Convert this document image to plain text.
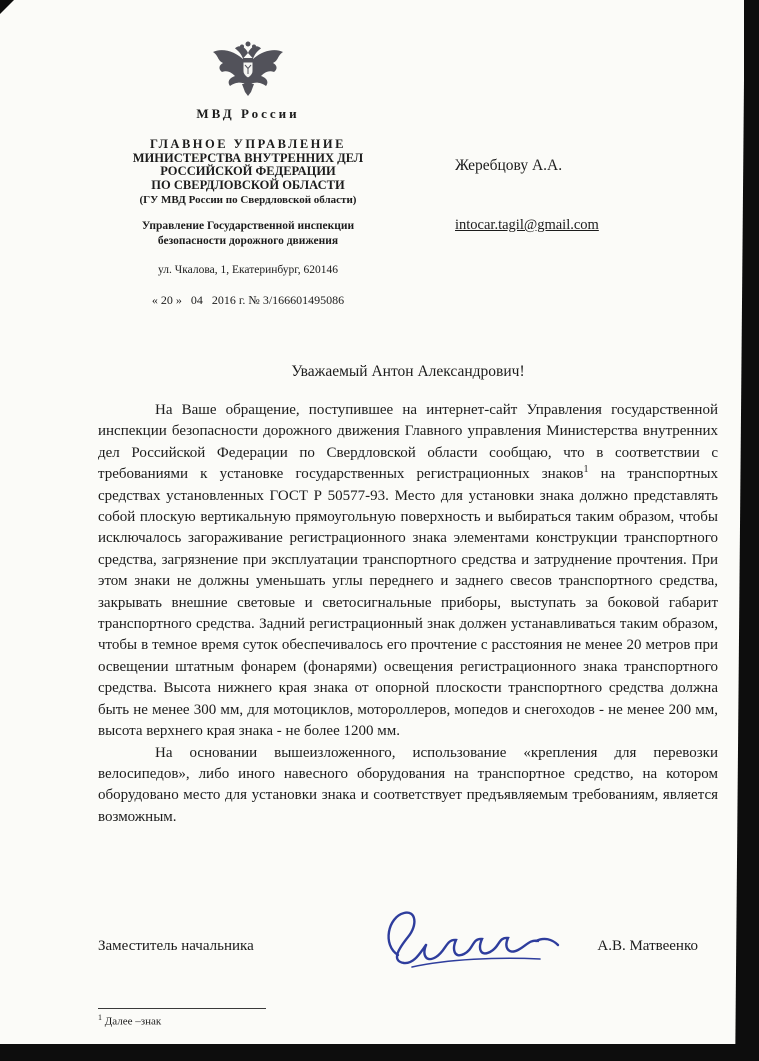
МВД России
ГЛАВНОЕ УПРАВЛЕНИЕ
МИНИСТЕРСТВА ВНУТРЕННИХ ДЕЛ
РОССИЙСКОЙ ФЕДЕРАЦИИ
ПО СВЕРДЛОВСКОЙ ОБЛАСТИ
(ГУ МВД России по Свердловской области)
Управление Государственной инспекции
безопасности дорожного движения
ул. Чкалова, 1, Екатеринбург, 620146
« 20 »   04   2016 г. № 3/166601495086
Жеребцову А.А.
intocar.tagil@gmail.com
Уважаемый Антон Александрович!

На Ваше обращение, поступившее на интернет-сайт Управления государственной инспекции безопасности дорожного движения Главного управления Министерства внутренних дел Российской Федерации по Свердловской области сообщаю, что в соответствии с требованиями к установке государственных регистрационных знаков$^1$ на транспортных средствах установленных ГОСТ Р 50577-93. Место для установки знака должно представлять собой плоскую вертикальную прямоугольную поверхность и выбираться таким образом, чтобы исключалось загораживание регистрационного знака элементами конструкции транспортного средства, загрязнение при эксплуатации транспортного средства и затруднение прочтения. При этом знаки не должны уменьшать углы переднего и заднего свесов транспортного средства, закрывать внешние световые и светосигнальные приборы, выступать за боковой габарит транспортного средства. Задний регистрационный знак должен устанавливаться таким образом, чтобы в темное время суток обеспечивалось его прочтение с расстояния не менее 20 метров при освещении штатным фонарем (фонарями) освещения регистрационного знака транспортного средства. Высота нижнего края знака от опорной плоскости транспортного средства должна быть не менее 300 мм, для мотоциклов, мотороллеров, мопедов и снегоходов - не менее 200 мм, высота верхнего края знака - не более 1200 мм.

На основании вышеизложенного, использование «крепления для перевозки велосипедов», либо иного навесного оборудования на транспортное средство, на котором оборудовано место для установки знака и соответствует предъявляемым требованиям, является возможным.

Заместитель начальника	А.В. Матвеенко
$^1$ Далее –знак
